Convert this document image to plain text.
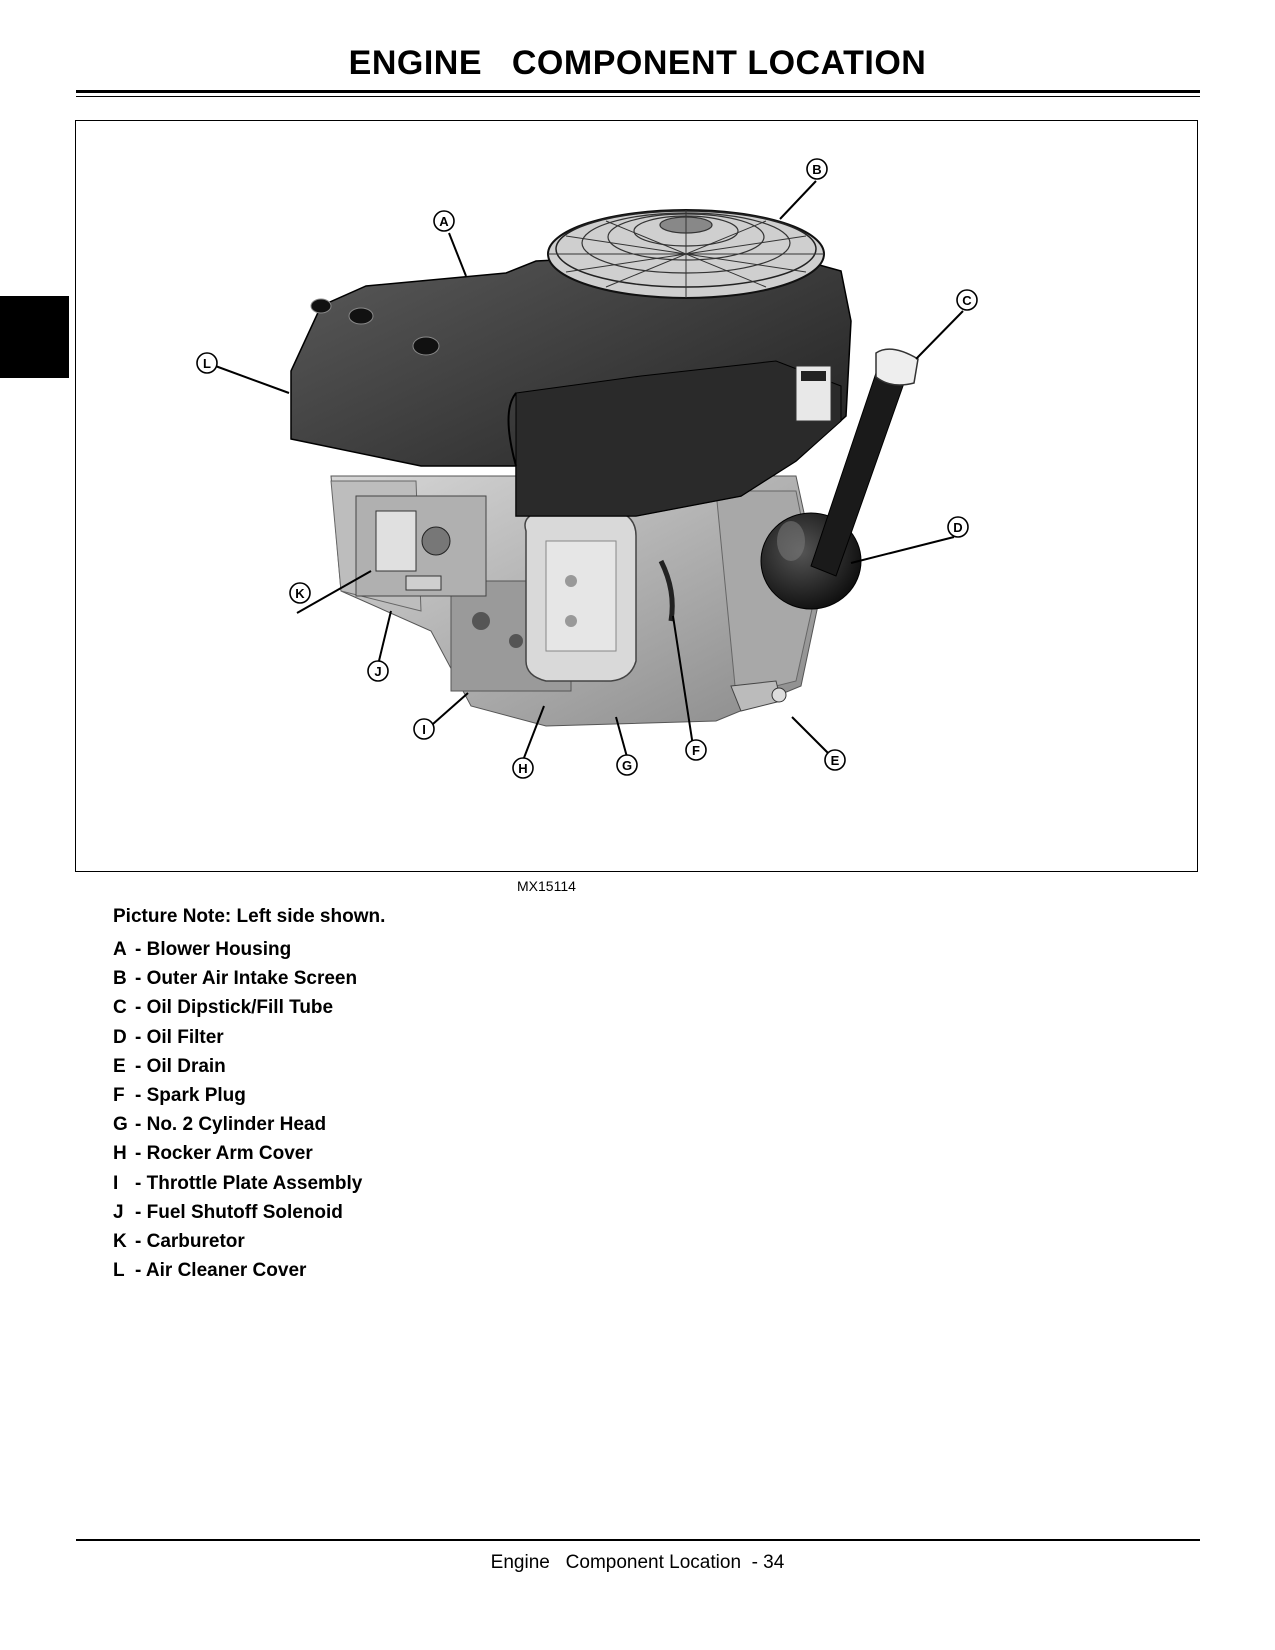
ENGINE   COMPONENT LOCATION
A
B
C
D
E
F
G
H
I
J
K
L
MX15114
Picture Note: Left side shown.
A - Blower Housing
B - Outer Air Intake Screen
C - Oil Dipstick/Fill Tube
D - Oil Filter
E - Oil Drain
F - Spark Plug
G - No. 2 Cylinder Head
H - Rocker Arm Cover
I - Throttle Plate Assembly
J - Fuel Shutoff Solenoid
K - Carburetor
L - Air Cleaner Cover
Engine   Component Location  - 34
